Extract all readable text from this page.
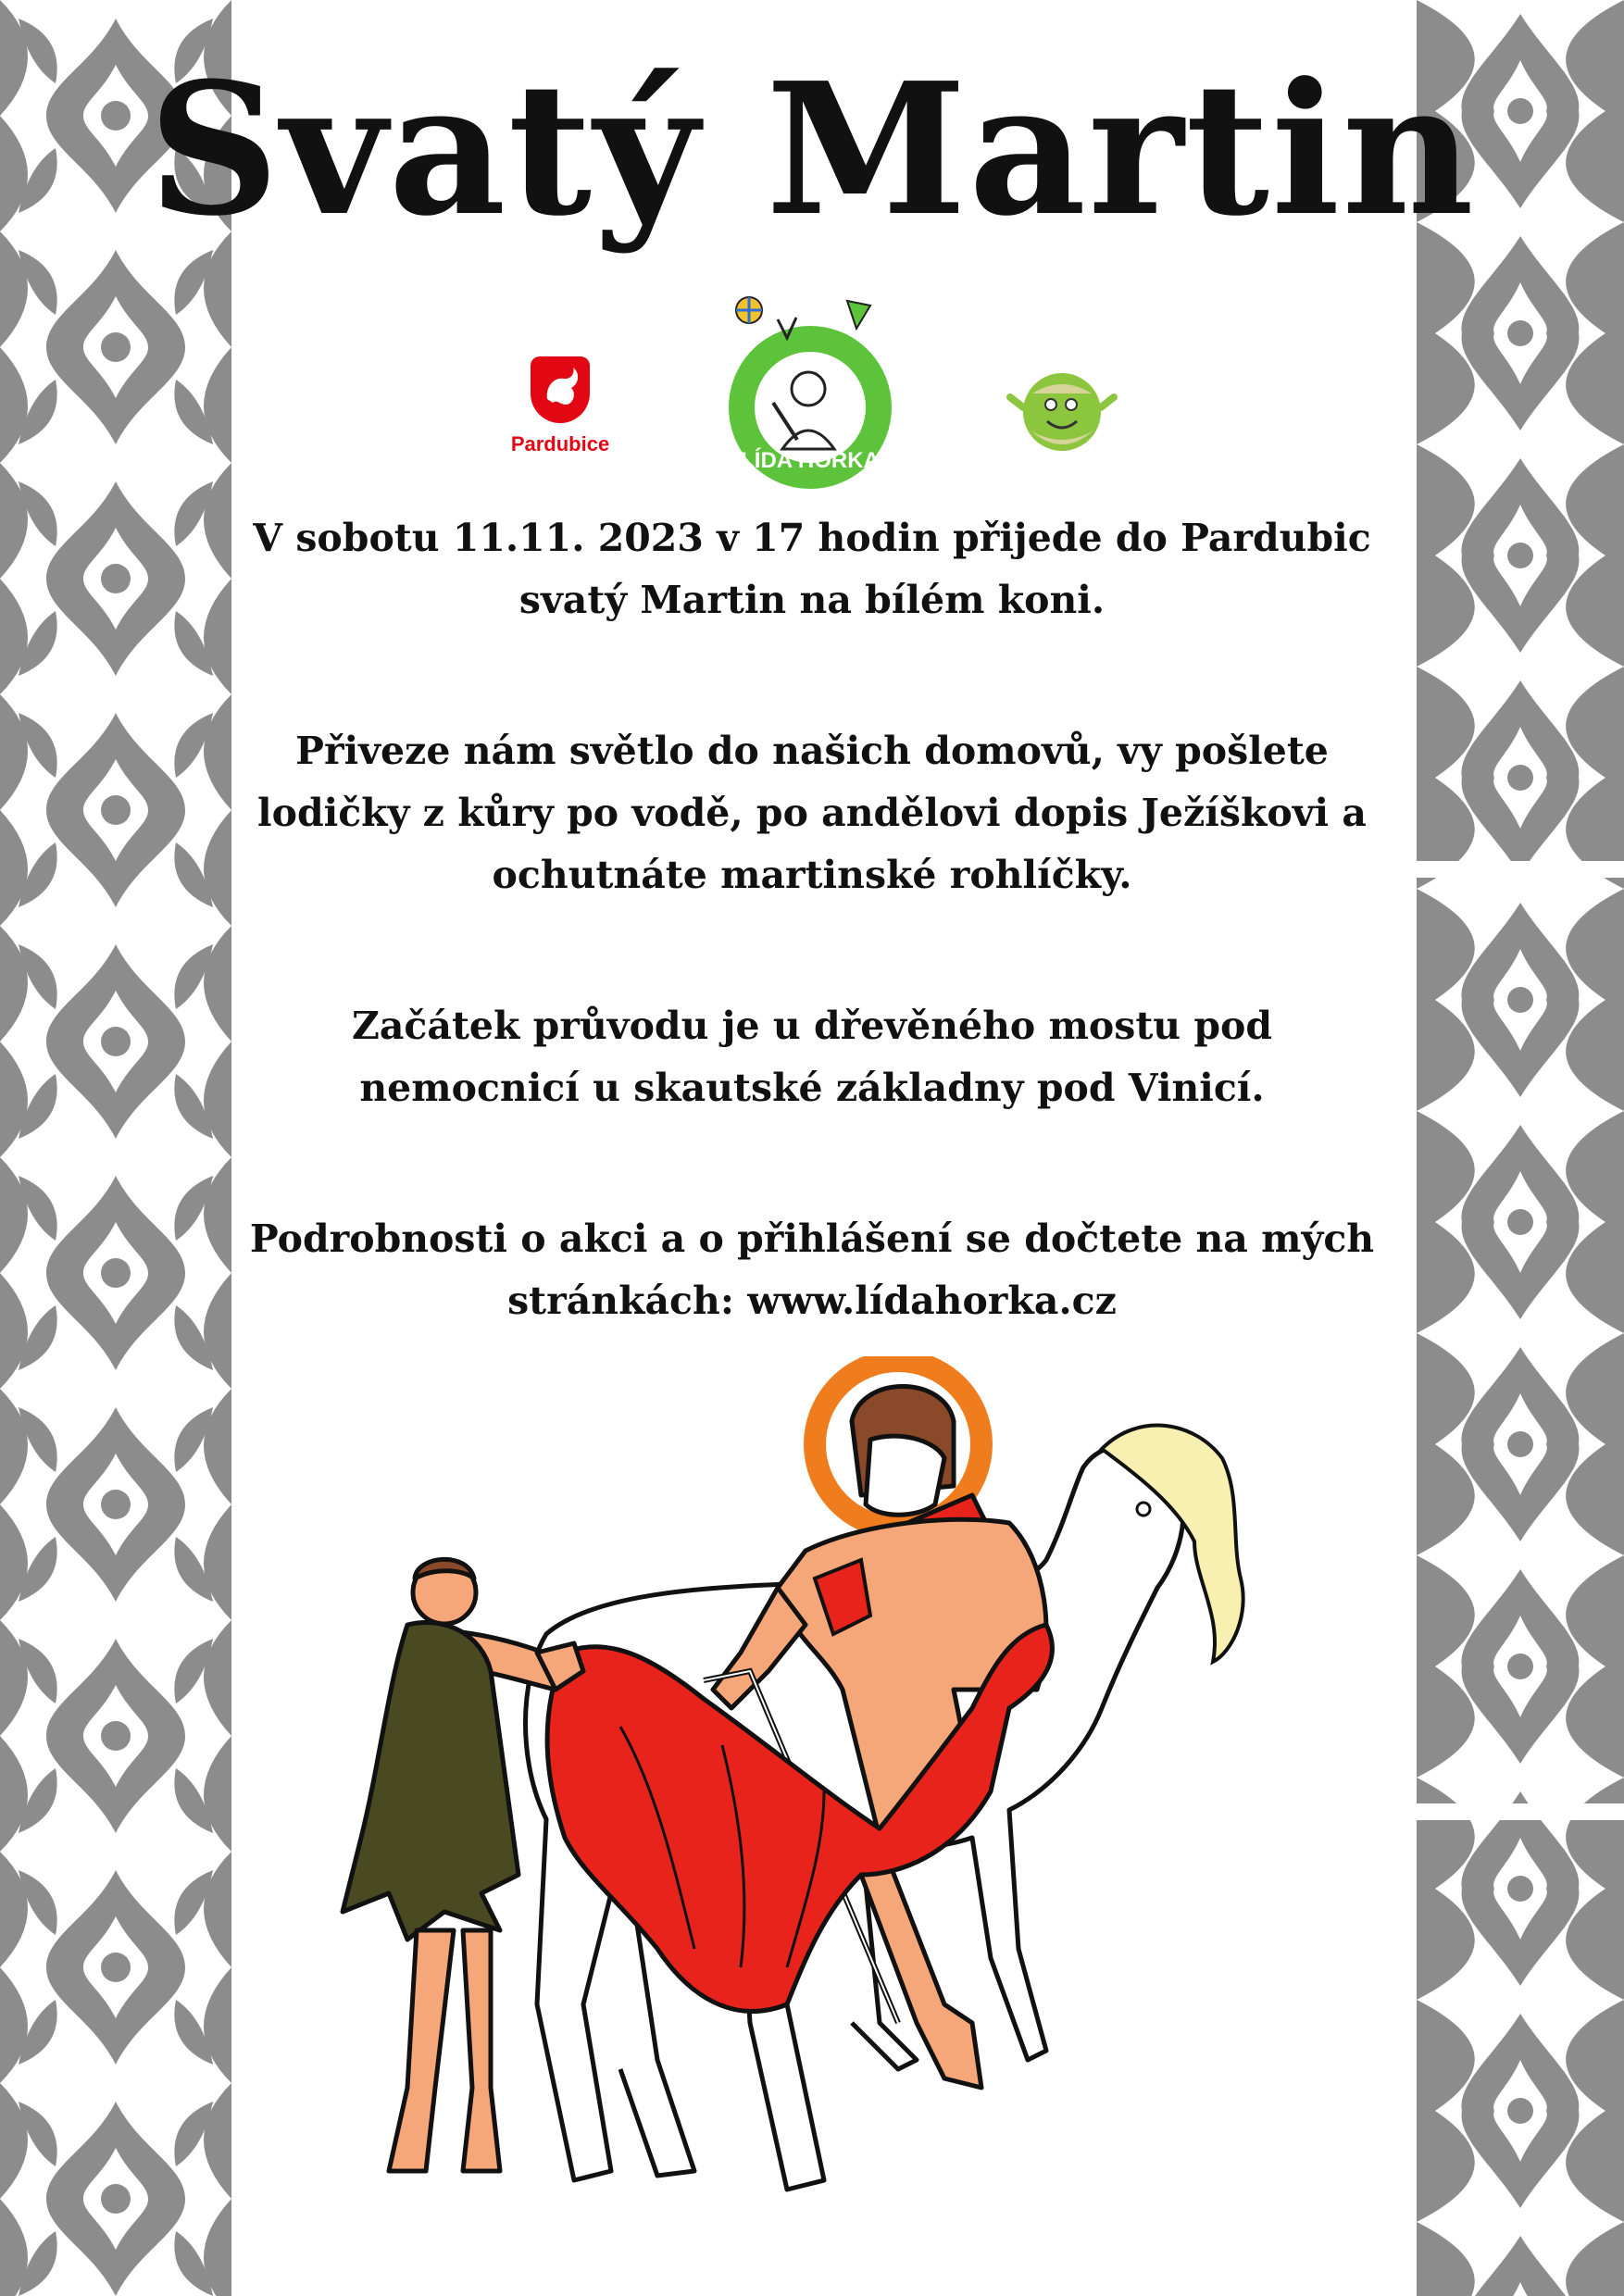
Svatý Martin
Pardubice
LÍDA HORKA
V sobotu 11.11. 2023 v 17 hodin přijede do Pardubic
svatý Martin na bílém koni.
Přiveze nám světlo do našich domovů, vy pošlete
lodičky z kůry po vodě, po andělovi dopis Ježíškovi a
ochutnáte martinské rohlíčky.
Začátek průvodu je u dřevěného mostu pod
nemocnicí u skautské základny pod Vinicí.
Podrobnosti o akci a o přihlášení se dočtete na mých
stránkách: www.lídahorka.cz
